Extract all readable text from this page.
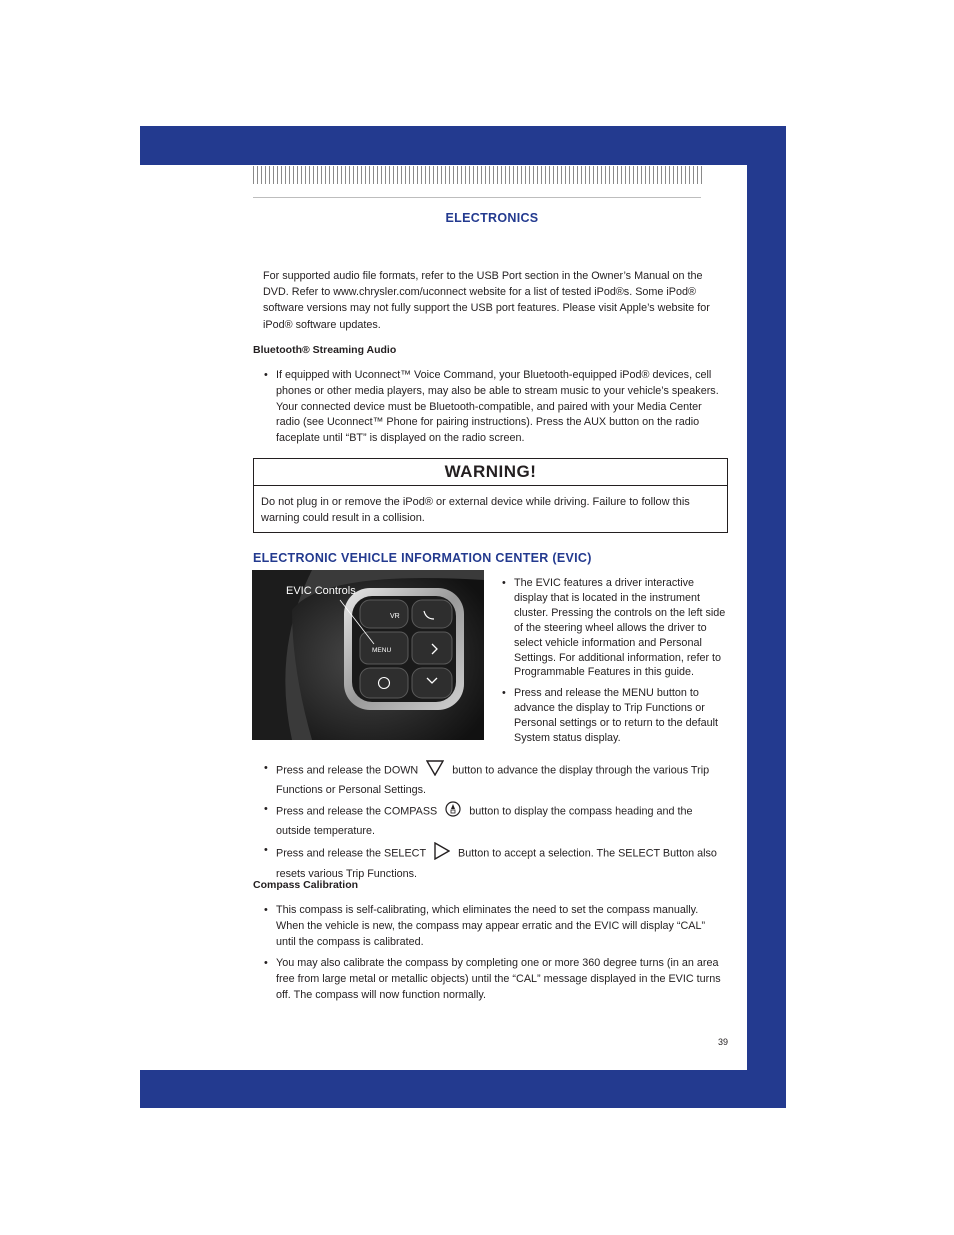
ELECTRONICS
For supported audio file formats, refer to the USB Port section in the Owner’s Manual on the DVD. Refer to www.chrysler.com/uconnect website for a list of tested iPod®s. Some iPod® software versions may not fully support the USB port features. Please visit Apple’s website for iPod® software updates.
Bluetooth® Streaming Audio
• If equipped with Uconnect™ Voice Command, your Bluetooth-equipped iPod® devices, cell phones or other media players, may also be able to stream music to your vehicle’s speakers. Your connected device must be Bluetooth-compatible, and paired with your Media Center radio (see Uconnect™ Phone for pairing instructions). Press the AUX button on the radio faceplate until “BT” is displayed on the radio screen.
WARNING!
Do not plug in or remove the iPod® or external device while driving. Failure to follow this warning could result in a collision.
ELECTRONIC VEHICLE INFORMATION CENTER (EVIC)
VR
MENU
EVIC Controls
• The EVIC features a driver interactive display that is located in the instrument cluster. Pressing the controls on the left side of the steering wheel allows the driver to select vehicle information and Personal Settings. For additional information, refer to Programmable Features in this guide.
• Press and release the MENU button to advance the display to Trip Functions or Personal settings or to return to the default System status display.
• Press and release the DOWN	button to advance the display through the various Trip Functions or Personal Settings.
• Press and release the COMPASS	button to display the compass heading and the outside temperature.
• Press and release the SELECT	Button to accept a selection. The SELECT Button also resets various Trip Functions.
Compass Calibration
• This compass is self-calibrating, which eliminates the need to set the compass manually. When the vehicle is new, the compass may appear erratic and the EVIC will display “CAL” until the compass is calibrated.
• You may also calibrate the compass by completing one or more 360 degree turns (in an area free from large metal or metallic objects) until the “CAL” message displayed in the EVIC turns off. The compass will now function normally.
39
